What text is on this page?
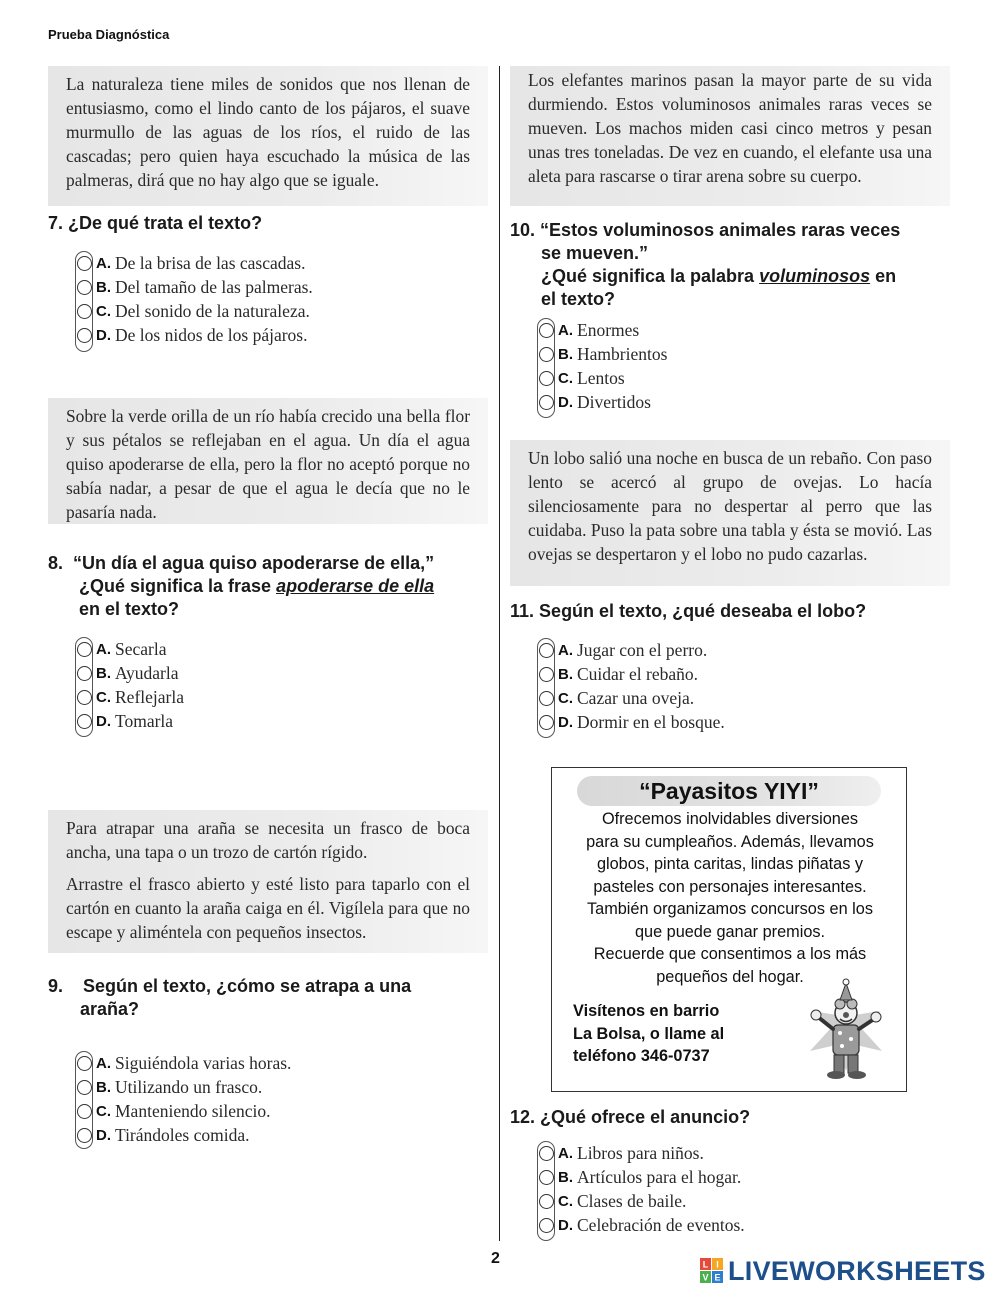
Prueba Diagnóstica

La naturaleza tiene miles de sonidos que nos llenan de entusiasmo, como el lindo canto de los pájaros, el suave murmullo de las aguas de los ríos, el ruido de las cascadas; pero quien haya escuchado la música de las palmeras, dirá que no hay algo que se iguale.

7. ¿De qué trata el texto?
A. De la brisa de las cascadas.
B. Del tamaño de las palmeras.
C. Del sonido de la naturaleza.
D. De los nidos de los pájaros.

Sobre la verde orilla de un río había crecido una bella flor y sus pétalos se reflejaban en el agua. Un día el agua quiso apoderarse de ella, pero la flor no aceptó porque no sabía nadar, a pesar de que el agua le decía que no le pasaría nada.

8. “Un día el agua quiso apoderarse de ella,”
¿Qué significa la frase apoderarse de ella
en el texto?
A. Secarla
B. Ayudarla
C. Reflejarla
D. Tomarla

Para atrapar una araña se necesita un frasco de boca ancha, una tapa o un trozo de cartón rígido.

Arrastre el frasco abierto y esté listo para taparlo con el cartón en cuanto la araña caiga en él. Vigílela para que no escape y aliméntela con pequeños insectos.

9. Según el texto, ¿cómo se atrapa a una
araña?
A. Siguiéndola varias horas.
B. Utilizando un frasco.
C. Manteniendo silencio.
D. Tirándoles comida.

Los elefantes marinos pasan la mayor parte de su vida durmiendo. Estos voluminosos animales raras veces se mueven. Los machos miden casi cinco metros y pesan unas tres toneladas. De vez en cuando, el elefante usa una aleta para rascarse o tirar arena sobre su cuerpo.

10. “Estos voluminosos animales raras veces
se mueven.”
¿Qué significa la palabra voluminosos en
el texto?
A. Enormes
B. Hambrientos
C. Lentos
D. Divertidos

Un lobo salió una noche en busca de un rebaño. Con paso lento se acercó al grupo de ovejas. Lo hacía silenciosamente para no despertar al perro que las cuidaba. Puso la pata sobre una tabla y ésta se movió. Las ovejas se despertaron y el lobo no pudo cazarlas.

11. Según el texto, ¿qué deseaba el lobo?
A. Jugar con el perro.
B. Cuidar el rebaño.
C. Cazar una oveja.
D. Dormir en el bosque.
“Payasitos YIYI”
Ofrecemos inolvidables diversiones
para su cumpleaños. Además, llevamos
globos, pinta caritas, lindas piñatas y
pasteles con personajes interesantes.
También organizamos concursos en los
que puede ganar premios.
Recuerde que consentimos a los más
pequeños del hogar.
Visítenos en barrio
La Bolsa, o llame al
teléfono 346-0737
12. ¿Qué ofrece el anuncio?
A. Libros para niños.
B. Artículos para el hogar.
C. Clases de baile.
D. Celebración de eventos.
2	L I
V E LIVEWORKSHEETS
